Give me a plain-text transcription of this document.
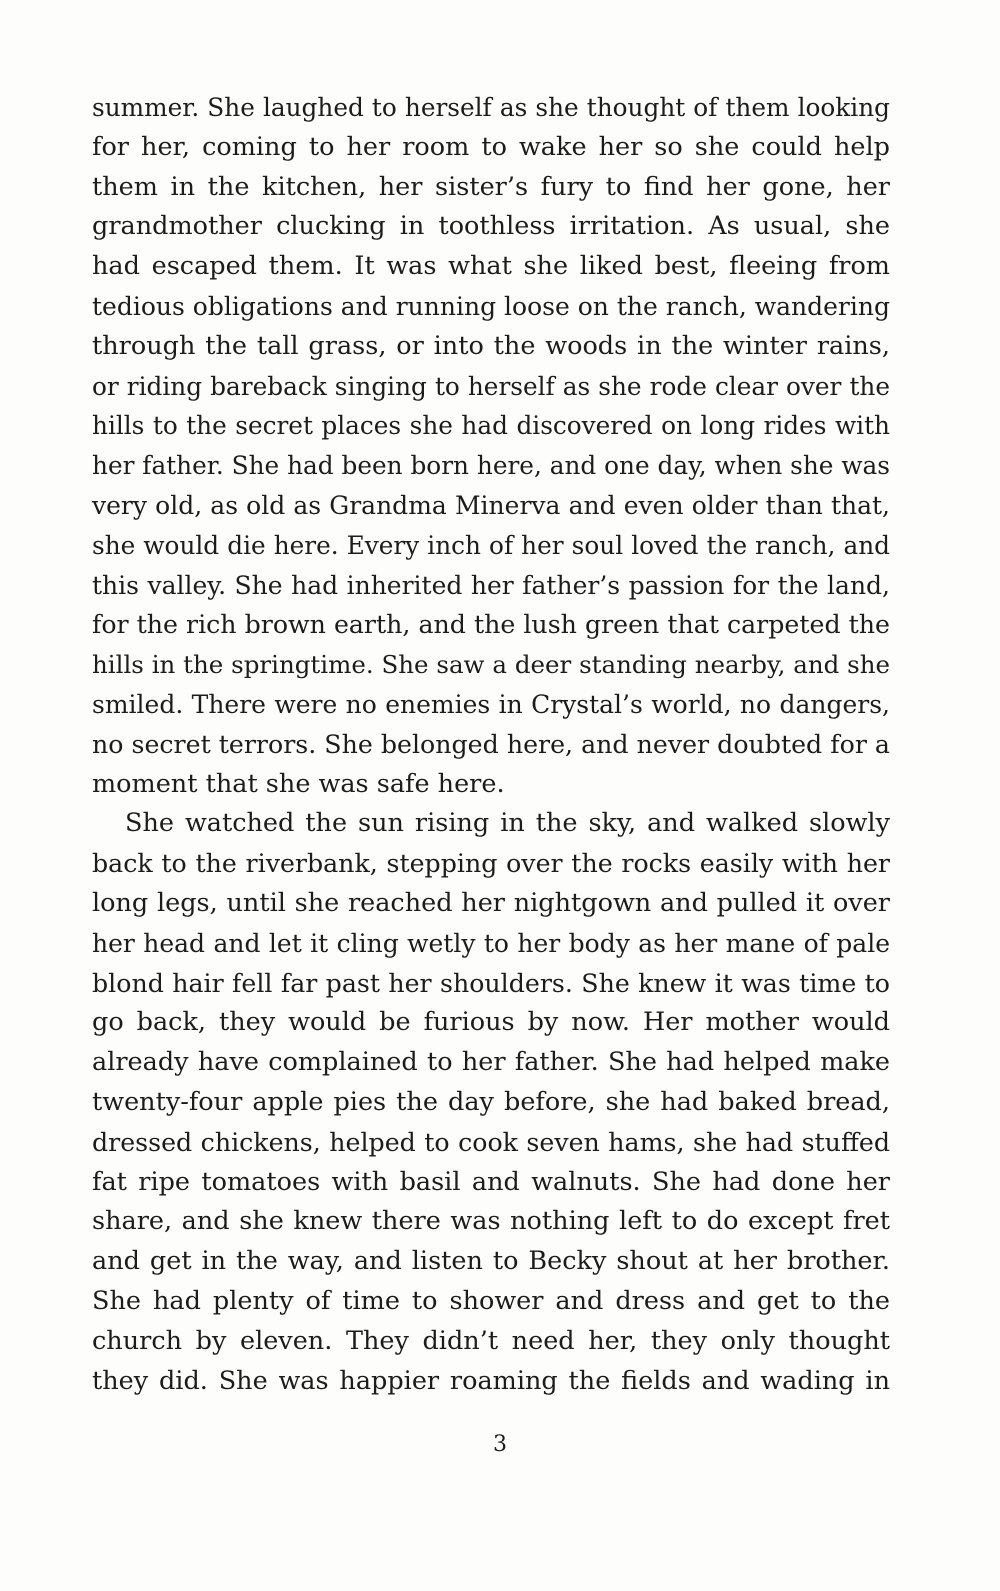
summer. She laughed to herself as she thought of them looking
for her, coming to her room to wake her so she could help
them in the kitchen, her sister’s fury to find her gone, her
grandmother clucking in toothless irritation. As usual, she
had escaped them. It was what she liked best, fleeing from
tedious obligations and running loose on the ranch, wandering
through the tall grass, or into the woods in the winter rains,
or riding bareback singing to herself as she rode clear over the
hills to the secret places she had discovered on long rides with
her father. She had been born here, and one day, when she was
very old, as old as Grandma Minerva and even older than that,
she would die here. Every inch of her soul loved the ranch, and
this valley. She had inherited her father’s passion for the land,
for the rich brown earth, and the lush green that carpeted the
hills in the springtime. She saw a deer standing nearby, and she
smiled. There were no enemies in Crystal’s world, no dangers,
no secret terrors. She belonged here, and never doubted for a
moment that she was safe here.
She watched the sun rising in the sky, and walked slowly
back to the riverbank, stepping over the rocks easily with her
long legs, until she reached her nightgown and pulled it over
her head and let it cling wetly to her body as her mane of pale
blond hair fell far past her shoulders. She knew it was time to
go back, they would be furious by now. Her mother would
already have complained to her father. She had helped make
twenty-four apple pies the day before, she had baked bread,
dressed chickens, helped to cook seven hams, she had stuffed
fat ripe tomatoes with basil and walnuts. She had done her
share, and she knew there was nothing left to do except fret
and get in the way, and listen to Becky shout at her brother.
She had plenty of time to shower and dress and get to the
church by eleven. They didn’t need her, they only thought
they did. She was happier roaming the fields and wading in
3
